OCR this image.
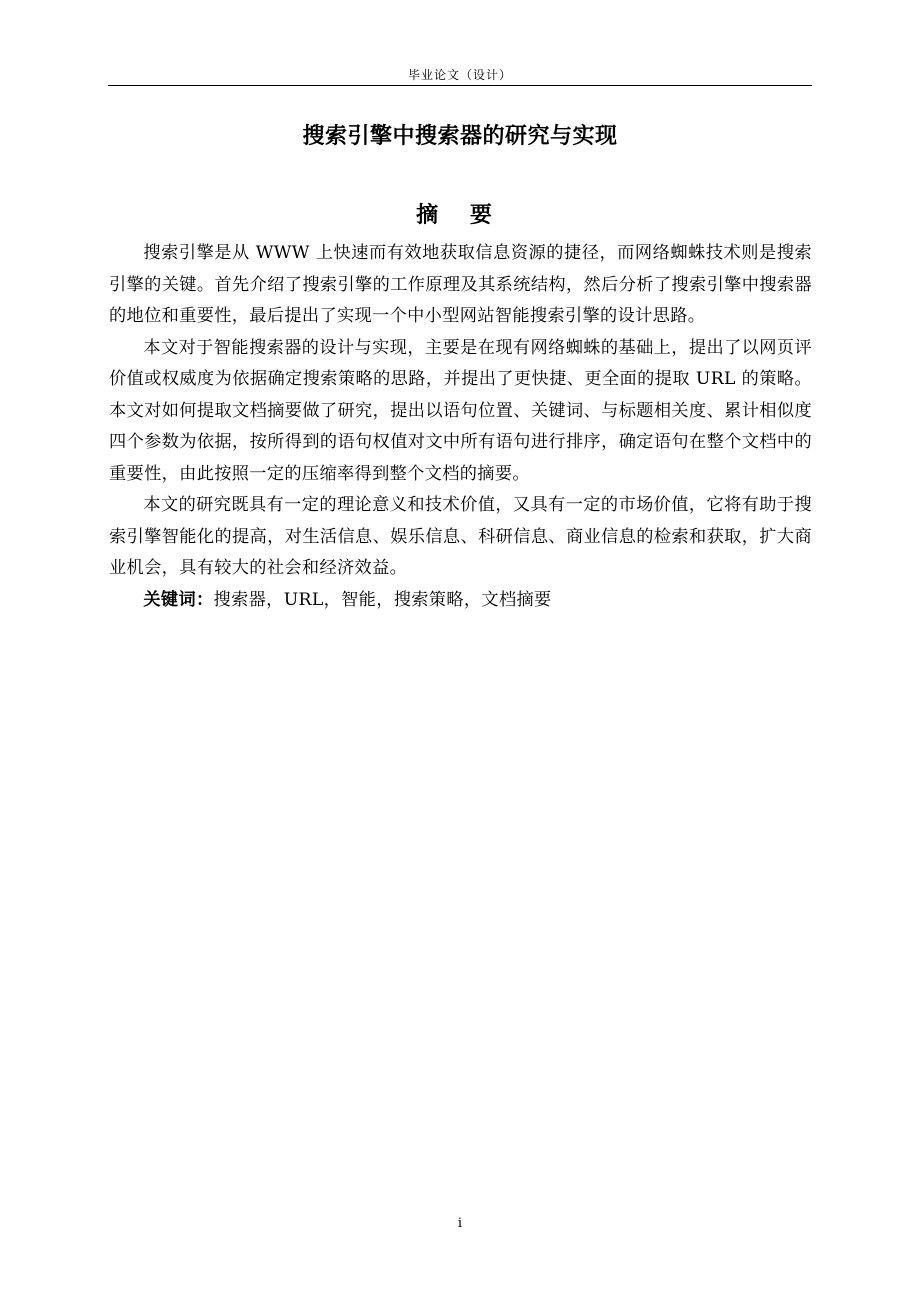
毕业论文（设计）
搜索引擎中搜索器的研究与实现
摘 要

搜索引擎是从 WWW 上快速而有效地获取信息资源的捷径，而网络蜘蛛技术则是搜索引擎的关键。首先介绍了搜索引擎的工作原理及其系统结构，然后分析了搜索引擎中搜索器的地位和重要性，最后提出了实现一个中小型网站智能搜索引擎的设计思路。

本文对于智能搜索器的设计与实现，主要是在现有网络蜘蛛的基础上，提出了以网页评价值或权威度为依据确定搜索策略的思路，并提出了更快捷、更全面的提取 URL 的策略。本文对如何提取文档摘要做了研究，提出以语句位置、关键词、与标题相关度、累计相似度四个参数为依据，按所得到的语句权值对文中所有语句进行排序，确定语句在整个文档中的重要性，由此按照一定的压缩率得到整个文档的摘要。

本文的研究既具有一定的理论意义和技术价值，又具有一定的市场价值，它将有助于搜索引擎智能化的提高，对生活信息、娱乐信息、科研信息、商业信息的检索和获取，扩大商业机会，具有较大的社会和经济效益。

关键词：搜索器，URL，智能，搜索策略，文档摘要

i
